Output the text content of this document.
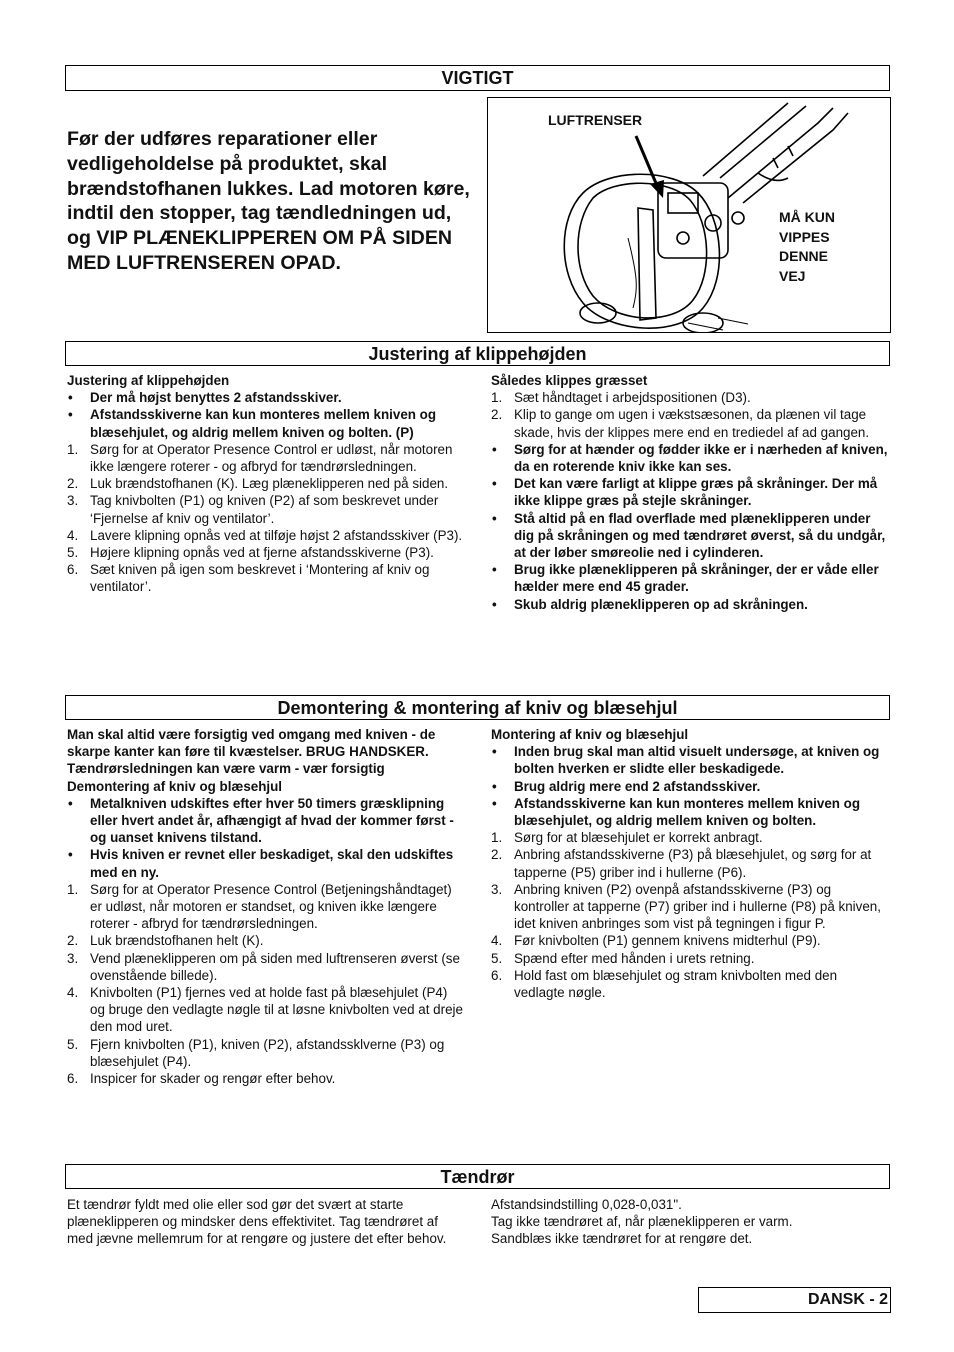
VIGTIGT
Før der udføres reparationer eller vedligeholdelse på produktet, skal brændstofhanen lukkes. Lad motoren køre, indtil den stopper, tag tændledningen ud, og VIP PLÆNEKLIPPEREN OM PÅ SIDEN MED LUFTRENSEREN OPAD.
LUFTRENSER
MÅ KUN
VIPPES
DENNE
VEJ
Justering af klippehøjden

Justering af klippehøjden

•	Der må højst benyttes 2 afstandsskiver.
•	Afstandsskiverne kan kun monteres mellem kniven og blæsehjulet, og aldrig mellem kniven og bolten. (P)
1. Sørg for at Operator Presence Control er udløst, når motoren ikke længere roterer - og afbryd for tændrørsledningen.
2. Luk brændstofhanen (K). Læg plæneklipperen ned på siden.
3. Tag knivbolten (P1) og kniven (P2) af som beskrevet under ‘Fjernelse af kniv og ventilator’.
4. Lavere klipning opnås ved at tilføje højst 2 afstandsskiver (P3).
5. Højere klipning opnås ved at fjerne afstandsskiverne (P3).
6. Sæt kniven på igen som beskrevet i ‘Montering af kniv og ventilator’.

Således klippes græsset

1. Sæt håndtaget i arbejdspositionen (D3).
2. Klip to gange om ugen i vækstsæsonen, da plænen vil tage skade, hvis der klippes mere end en trediedel af ad gangen.
•	Sørg for at hænder og fødder ikke er i nærheden af kniven, da en roterende kniv ikke kan ses.
•	Det kan være farligt at klippe græs på skråninger. Der må ikke klippe græs på stejle skråninger.
•	Stå altid på en flad overflade med plæneklipperen under dig på skråningen og med tændrøret øverst, så du undgår, at der løber smøreolie ned i cylinderen.
•	Brug ikke plæneklipperen på skråninger, der er våde eller hælder mere end 45 grader.
•	Skub aldrig plæneklipperen op ad skråningen.
Demontering & montering af kniv og blæsehjul

Man skal altid være forsigtig ved omgang med kniven - de skarpe kanter kan føre til kvæstelser. BRUG HANDSKER. Tændrørsledningen kan være varm - vær forsigtig

Demontering af kniv og blæsehjul

•	Metalkniven udskiftes efter hver 50 timers græsklipning eller hvert andet år, afhængigt af hvad der kommer først - og uanset knivens tilstand.
•	Hvis kniven er revnet eller beskadiget, skal den udskiftes med en ny.
1. Sørg for at Operator Presence Control (Betjeningshåndtaget) er udløst, når motoren er standset, og kniven ikke længere roterer - afbryd for tændrørsledningen.
2. Luk brændstofhanen helt (K).
3. Vend plæneklipperen om på siden med luftrenseren øverst (se ovenstående billede).
4. Knivbolten (P1) fjernes ved at holde fast på blæsehjulet (P4) og bruge den vedlagte nøgle til at løsne knivbolten ved at dreje den mod uret.
5. Fjern knivbolten (P1), kniven (P2), afstandssklverne (P3) og blæsehjulet (P4).
6. Inspicer for skader og rengør efter behov.

Montering af kniv og blæsehjul

•	Inden brug skal man altid visuelt undersøge, at kniven og bolten hverken er slidte eller beskadigede.
•	Brug aldrig mere end 2 afstandsskiver.
•	Afstandsskiverne kan kun monteres mellem kniven og blæsehjulet, og aldrig mellem kniven og bolten.
1. Sørg for at blæsehjulet er korrekt anbragt.
2. Anbring afstandsskiverne (P3) på blæsehjulet, og sørg for at tapperne (P5) griber ind i hullerne (P6).
3. Anbring kniven (P2) ovenpå afstandsskiverne (P3) og kontroller at tapperne (P7) griber ind i hullerne (P8) på kniven, idet kniven anbringes som vist på tegningen i figur P.
4. Før knivbolten (P1) gennem knivens midterhul (P9).
5. Spænd efter med hånden i urets retning.
6. Hold fast om blæsehjulet og stram knivbolten med den vedlagte nøgle.
Tændrør

Et tændrør fyldt med olie eller sod gør det svært at starte plæneklipperen og mindsker dens effektivitet. Tag tændrøret af med jævne mellemrum for at rengøre og justere det efter behov.

Afstandsindstilling 0,028-0,031".

Tag ikke tændrøret af, når plæneklipperen er varm.

Sandblæs ikke tændrøret for at rengøre det.

DANSK - 2
